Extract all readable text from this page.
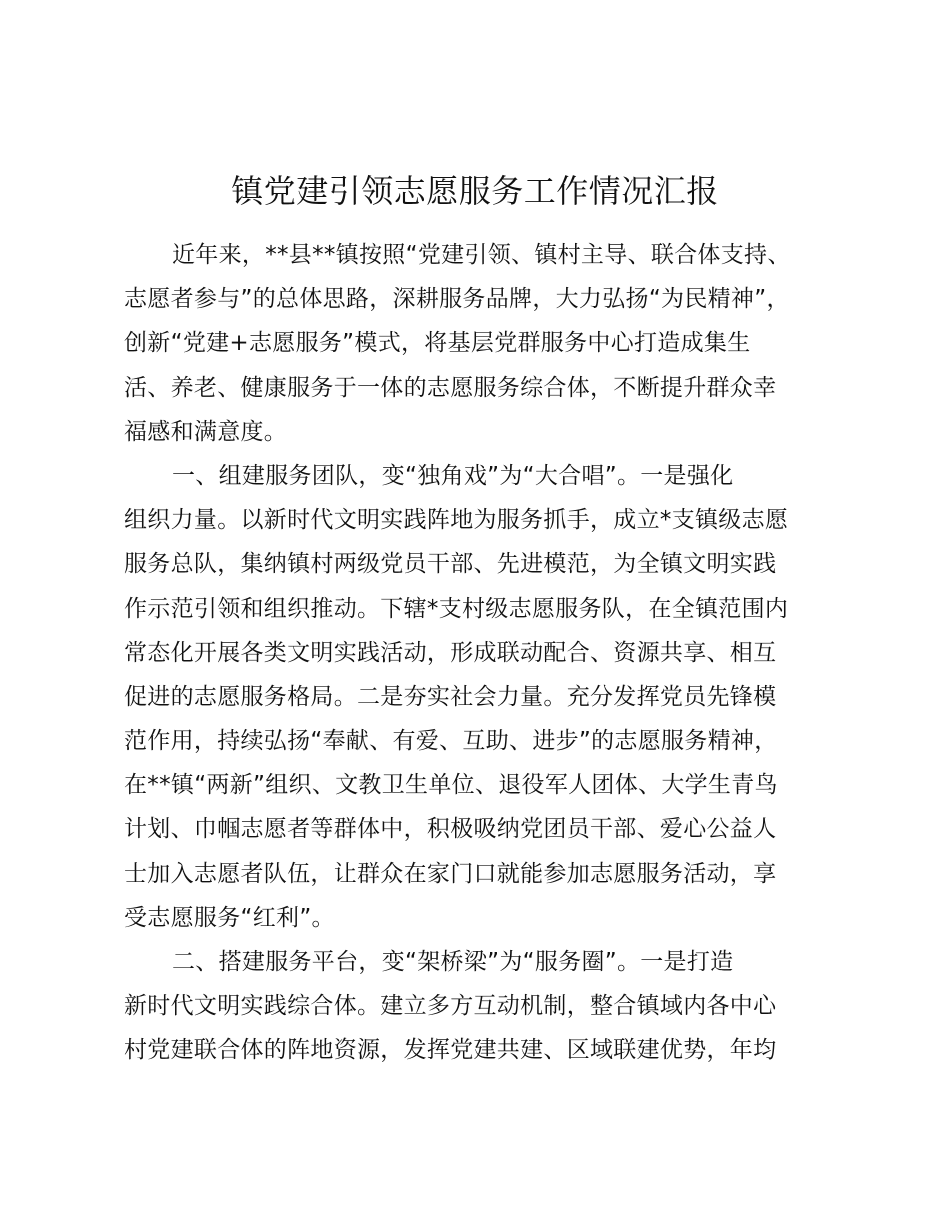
镇党建引领志愿服务工作情况汇报

近年来，**县**镇按照“党建引领、镇村主导、联合体支持、
志愿者参与”的总体思路，深耕服务品牌，大力弘扬“为民精神”，
创新“党建+志愿服务”模式，将基层党群服务中心打造成集生
活、养老、健康服务于一体的志愿服务综合体，不断提升群众幸
福感和满意度。

一、组建服务团队，变“独角戏”为“大合唱”。一是强化
组织力量。以新时代文明实践阵地为服务抓手，成立*支镇级志愿
服务总队，集纳镇村两级党员干部、先进模范，为全镇文明实践
作示范引领和组织推动。下辖*支村级志愿服务队，在全镇范围内
常态化开展各类文明实践活动，形成联动配合、资源共享、相互
促进的志愿服务格局。二是夯实社会力量。充分发挥党员先锋模
范作用，持续弘扬“奉献、有爱、互助、进步”的志愿服务精神，
在**镇“两新”组织、文教卫生单位、退役军人团体、大学生青鸟
计划、巾帼志愿者等群体中，积极吸纳党团员干部、爱心公益人
士加入志愿者队伍，让群众在家门口就能参加志愿服务活动，享
受志愿服务“红利”。

二、搭建服务平台，变“架桥梁”为“服务圈”。一是打造
新时代文明实践综合体。建立多方互动机制，整合镇域内各中心
村党建联合体的阵地资源，发挥党建共建、区域联建优势，年均
